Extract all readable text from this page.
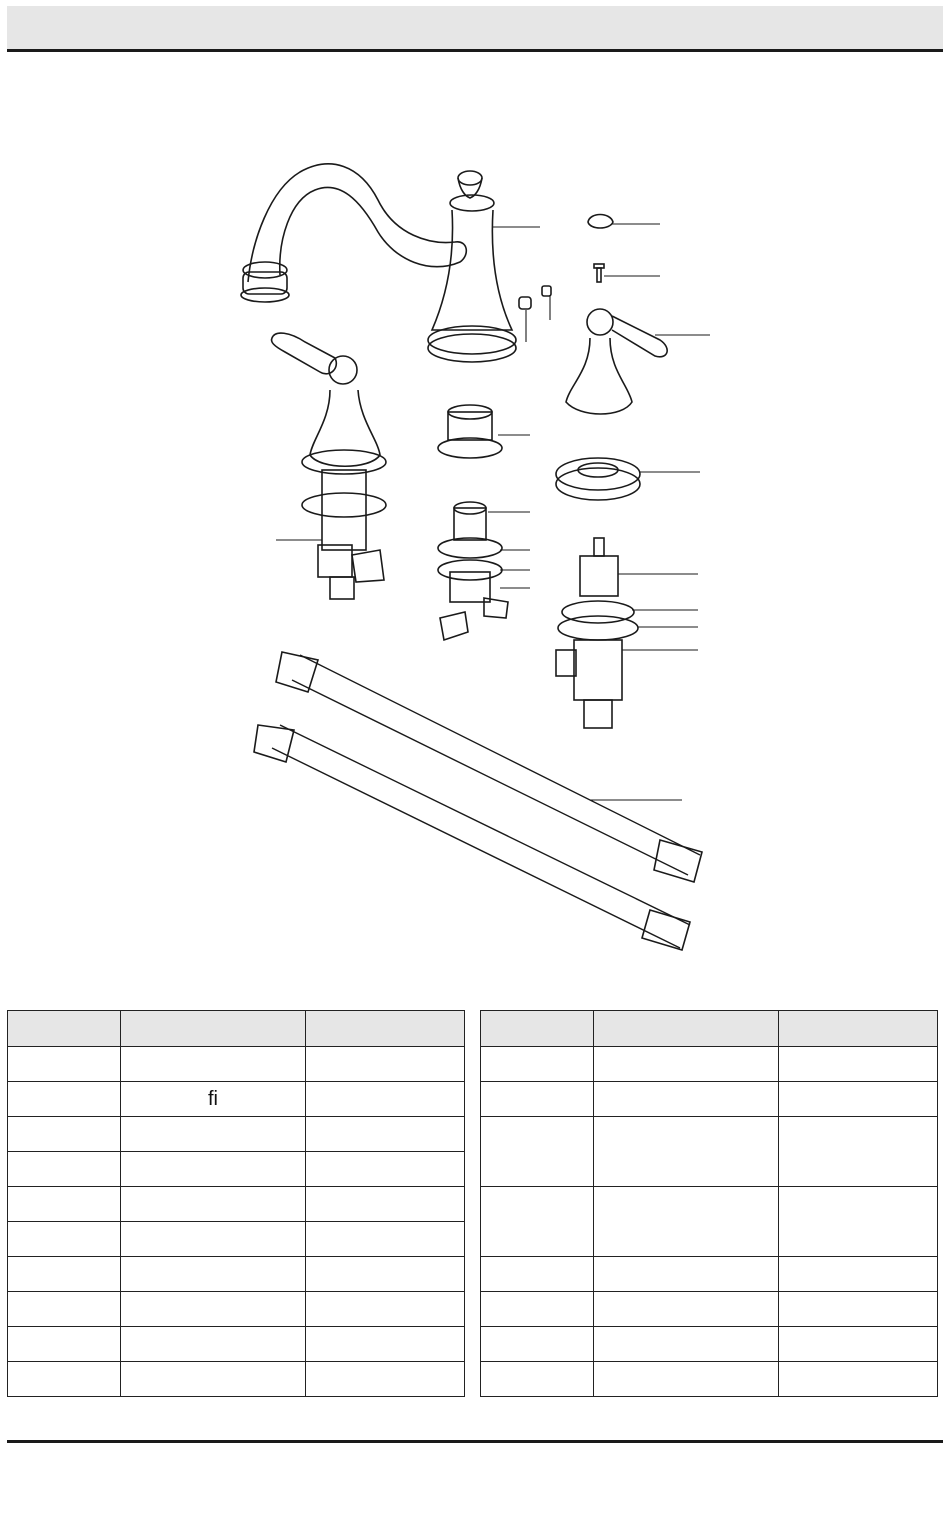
	fi	
